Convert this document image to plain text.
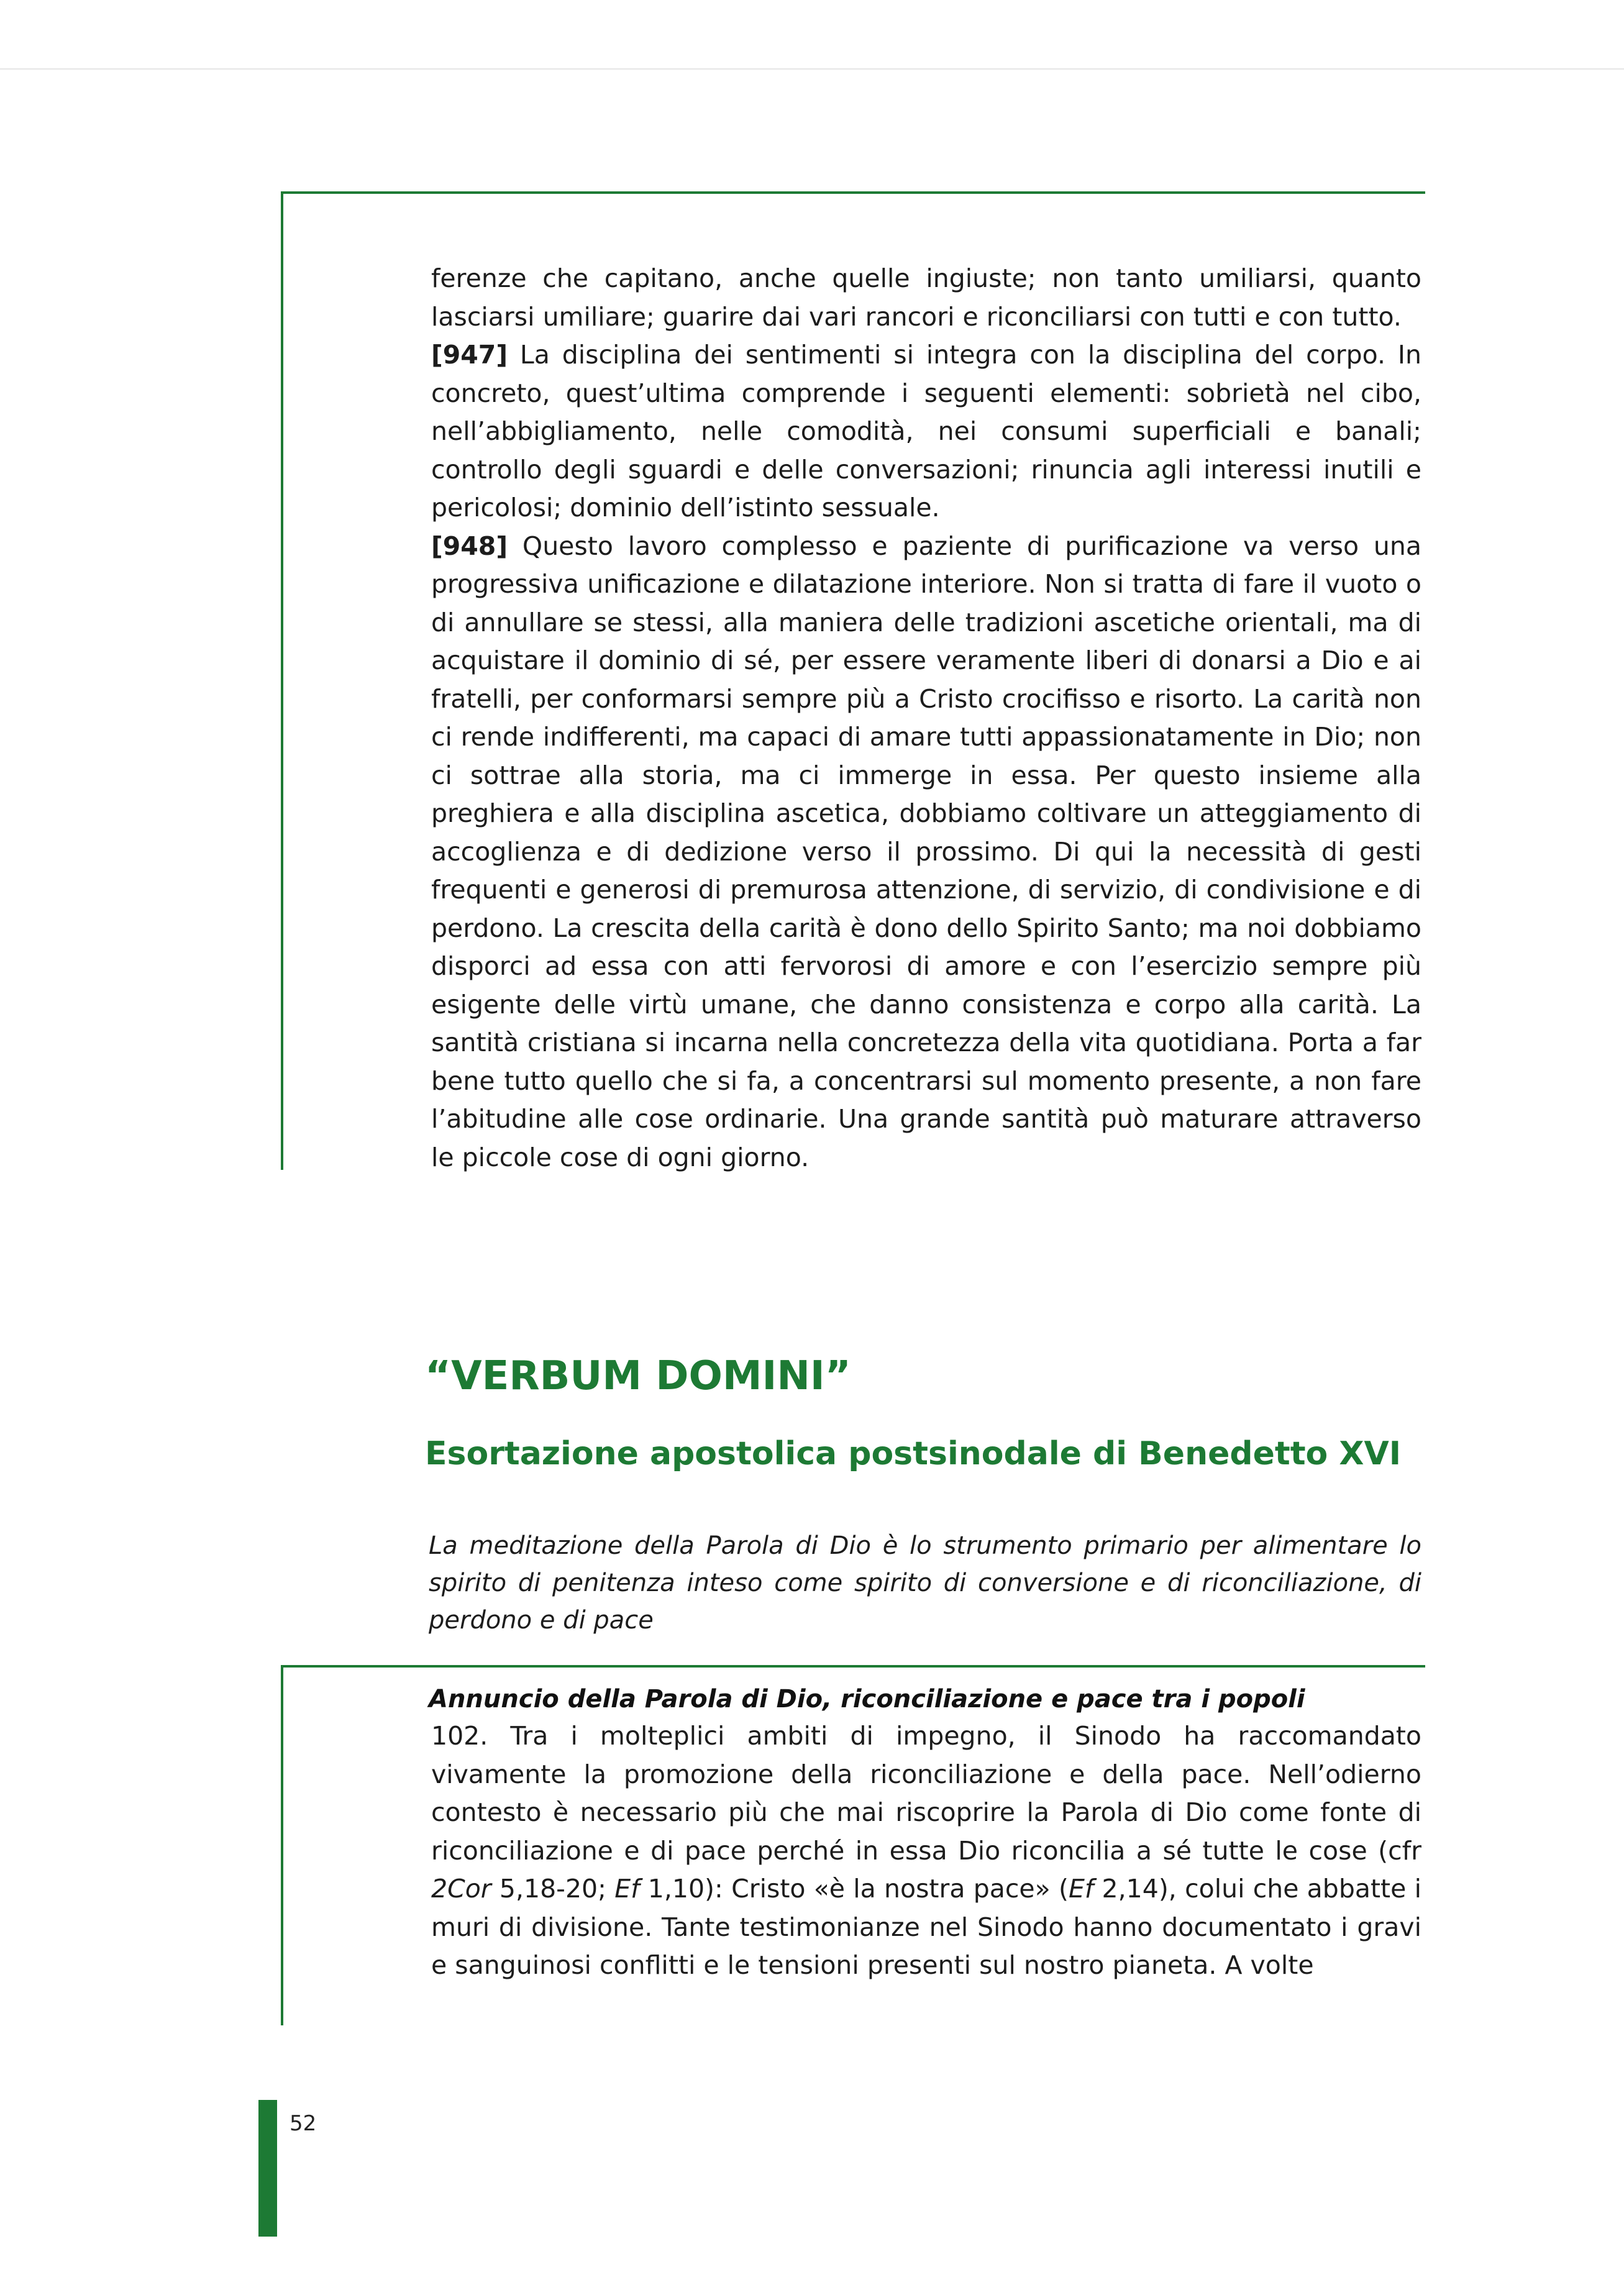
ferenze che capitano, anche quelle ingiuste; non tanto umiliarsi, quanto lasciarsi umiliare; guarire dai vari rancori e riconciliarsi con tutti e con tutto.

[947] La disciplina dei sentimenti si integra con la disciplina del corpo. In concreto, quest’ultima comprende i seguenti elementi: sobrietà nel cibo, nell’abbigliamento, nelle comodità, nei consumi superficiali e banali; controllo degli sguardi e delle conversazioni; rinuncia agli interessi inutili e pericolosi; dominio dell’istinto sessuale.

[948] Questo lavoro complesso e paziente di purificazione va verso una progressiva unificazione e dilatazione interiore. Non si tratta di fare il vuoto o di annullare se stessi, alla maniera delle tradizioni ascetiche orientali, ma di acquistare il dominio di sé, per essere veramente liberi di donarsi a Dio e ai fratelli, per conformarsi sempre più a Cristo crocifisso e risorto. La carità non ci rende indifferenti, ma capaci di amare tutti appassionatamente in Dio; non ci sottrae alla storia, ma ci immerge in essa. Per questo insieme alla preghiera e alla disciplina ascetica, dobbiamo coltivare un atteggiamento di accoglienza e di dedizione verso il prossimo. Di qui la necessità di gesti frequenti e generosi di premurosa attenzione, di servizio, di condivisione e di perdono. La crescita della carità è dono dello Spirito Santo; ma noi dobbiamo disporci ad essa con atti fervorosi di amore e con l’esercizio sempre più esigente delle virtù umane, che danno consistenza e corpo alla carità. La santità cristiana si incarna nella concretezza della vita quotidiana. Porta a far bene tutto quello che si fa, a concentrarsi sul momento presente, a non fare l’abitudine alle cose ordinarie. Una grande santità può maturare attraverso le piccole cose di ogni giorno.

“VERBUM DOMINI”
Esortazione apostolica postsinodale di Benedetto XVI
La meditazione della Parola di Dio è lo strumento primario per alimentare lo spirito di penitenza inteso come spirito di conversione e di riconciliazione, di perdono e di pace
Annuncio della Parola di Dio, riconciliazione e pace tra i popoli

102. Tra i molteplici ambiti di impegno, il Sinodo ha raccomandato vivamente la promozione della riconciliazione e della pace. Nell’odierno contesto è necessario più che mai riscoprire la Parola di Dio come fonte di riconciliazione e di pace perché in essa Dio riconcilia a sé tutte le cose (cfr 2Cor 5,18-20; Ef 1,10): Cristo «è la nostra pace» (Ef 2,14), colui che abbatte i muri di divisione. Tante testimonianze nel Sinodo hanno documentato i gravi e sanguinosi conflitti e le tensioni presenti sul nostro pianeta. A volte

52
